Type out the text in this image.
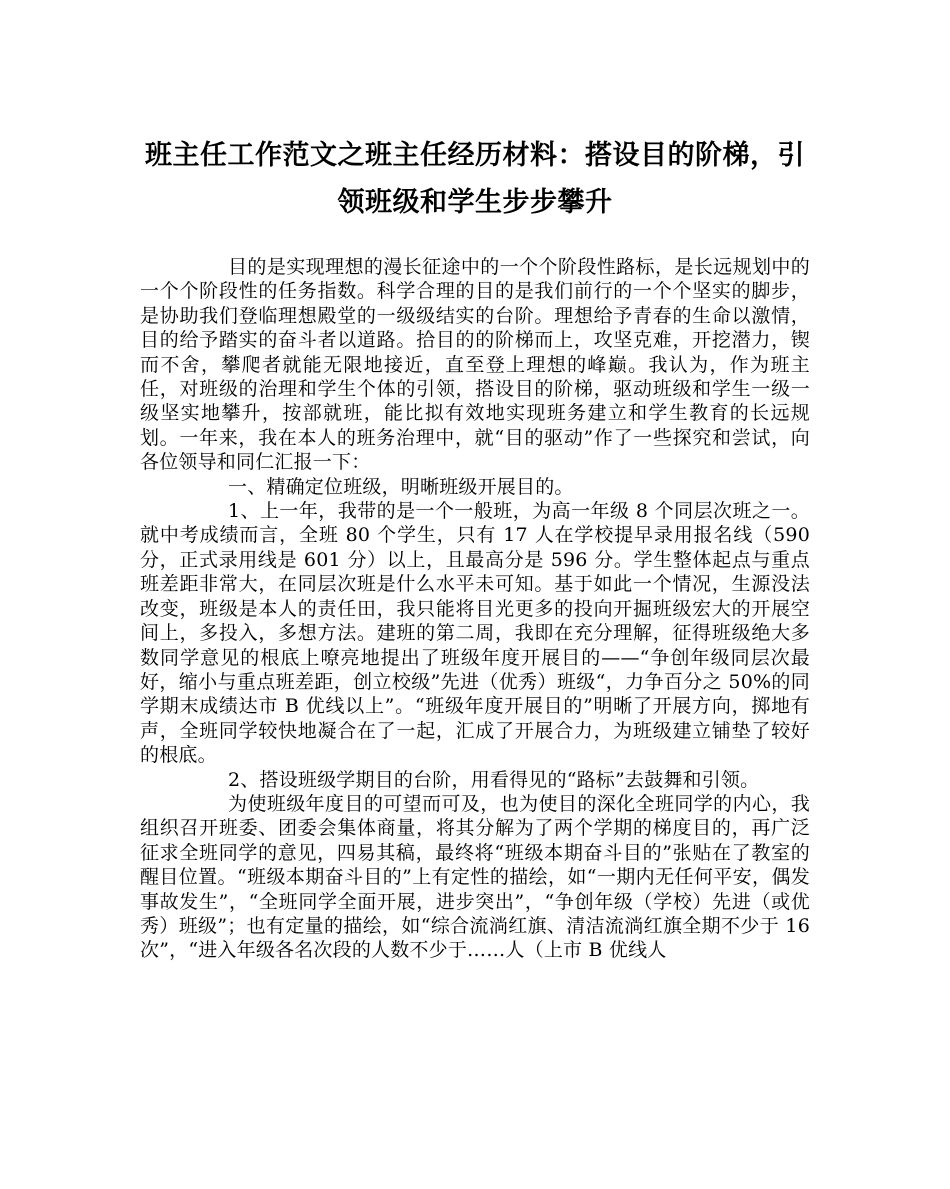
班主任工作范文之班主任经历材料：搭设目的阶梯，引领班级和学生步步攀升

目的是实现理想的漫长征途中的一个个阶段性路标，是长远规划中的一个个阶段性的任务指数。科学合理的目的是我们前行的一个个坚实的脚步，是协助我们登临理想殿堂的一级级结实的台阶。理想给予青春的生命以激情，目的给予踏实的奋斗者以道路。拾目的的阶梯而上，攻坚克难，开挖潜力，锲而不舍，攀爬者就能无限地接近，直至登上理想的峰巅。我认为，作为班主任，对班级的治理和学生个体的引领，搭设目的阶梯，驱动班级和学生一级一级坚实地攀升，按部就班，能比拟有效地实现班务建立和学生教育的长远规划。一年来，我在本人的班务治理中，就“目的驱动”作了一些探究和尝试，向各位领导和同仁汇报一下：

一、精确定位班级，明晰班级开展目的。

1、上一年，我带的是一个一般班，为高一年级 8 个同层次班之一。就中考成绩而言，全班 80 个学生，只有 17 人在学校提早录用报名线（590 分，正式录用线是 601 分）以上，且最高分是 596 分。学生整体起点与重点班差距非常大，在同层次班是什么水平未可知。基于如此一个情况，生源没法改变，班级是本人的责任田，我只能将目光更多的投向开掘班级宏大的开展空间上，多投入，多想方法。建班的第二周，我即在充分理解，征得班级绝大多数同学意见的根底上嘹亮地提出了班级年度开展目的——“争创年级同层次最好，缩小与重点班差距，创立校级”先进（优秀）班级“，力争百分之 50%的同学期末成绩达市 B 优线以上”。“班级年度开展目的”明晰了开展方向，掷地有声，全班同学较快地凝合在了一起，汇成了开展合力，为班级建立铺垫了较好的根底。

2、搭设班级学期目的台阶，用看得见的“路标”去鼓舞和引领。

为使班级年度目的可望而可及，也为使目的深化全班同学的内心，我组织召开班委、团委会集体商量，将其分解为了两个学期的梯度目的，再广泛征求全班同学的意见，四易其稿，最终将“班级本期奋斗目的”张贴在了教室的醒目位置。“班级本期奋斗目的”上有定性的描绘，如“一期内无任何平安，偶发事故发生”，“全班同学全面开展，进步突出”，“争创年级（学校）先进（或优秀）班级”；也有定量的描绘，如“综合流淌红旗、清洁流淌红旗全期不少于 16 次”，“进入年级各名次段的人数不少于……人（上市 B 优线人
